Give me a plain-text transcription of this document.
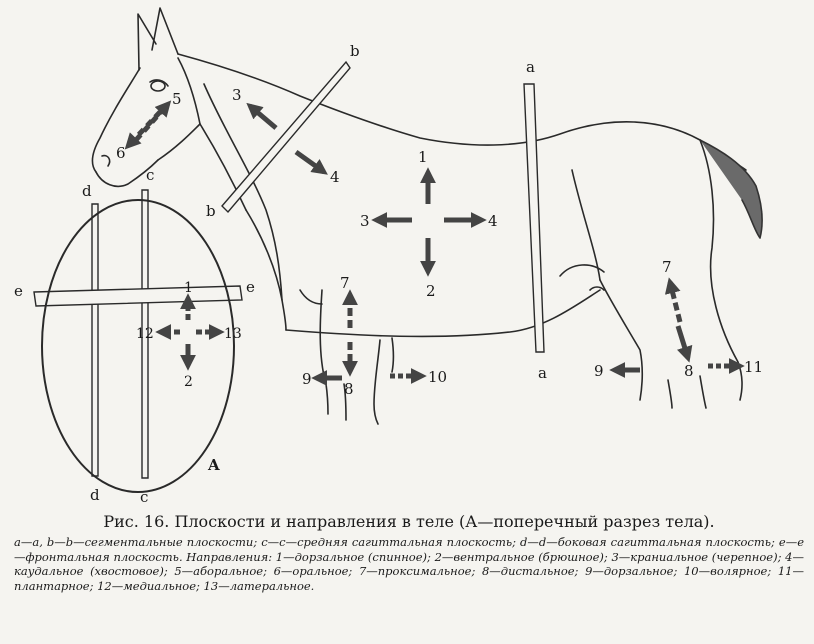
b
b
a
a
d
d
c
c
e	e
A
5
6
3
4
1
2
3	4
7
8
9	10
7
8
9	11
1
2
12	13

Рис. 16. Плоскости и направления в теле (А—поперечный разрез тела).

а—а, b—b—сегментальные плоскости; с—с—средняя сагиттальная плоскость; d—d—боковая сагиттальная плоскость; е—е—фронтальная плоскость. Направления: 1—дорзальное (спинное); 2—вентральное (брюшное); 3—краниальное (черепное); 4—каудальное (хвостовое); 5—аборальное; 6—оральное; 7—проксимальное; 8—дистальное; 9—дорзальное; 10—волярное; 11—плантарное; 12—медиальное; 13—латеральное.
